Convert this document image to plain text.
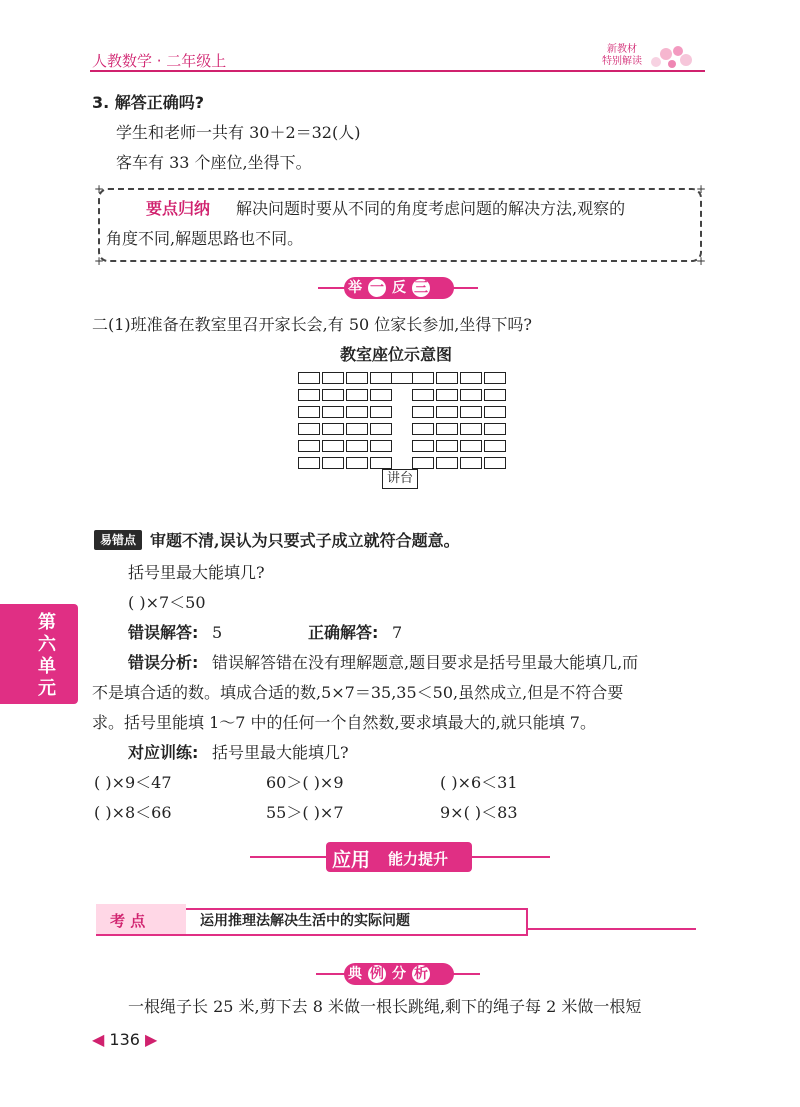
人教数学 · 二年级上
新教材
特别解读
3. 解答正确吗?
学生和老师一共有 30＋2＝32(人)
客车有 33 个座位,坐得下。
+	+
+	+
要点归纳 解决问题时要从不同的角度考虑问题的解决方法,观察的
角度不同,解题思路也不同。
举 一 反 三
二(1)班准备在教室里召开家长会,有 50 位家长参加,坐得下吗?
教室座位示意图
讲台
易错点 审题不清,误认为只要式子成立就符合题意。
括号里最大能填几?
( )×7＜50
错误解答: 5	正确解答: 7
错误分析: 错误解答错在没有理解题意,题目要求是括号里最大能填几,而
不是填合适的数。填成合适的数,5×7＝35,35＜50,虽然成立,但是不符合要
求。括号里能填 1～7 中的任何一个自然数,要求填最大的,就只能填 7。
对应训练: 括号里最大能填几?
( )×9＜47	60＞( )×9	( )×6＜31
( )×8＜66	55＞( )×7	9×( )＜83
应用 能力提升
考 点	运用推理法解决生活中的实际问题
典 例 分 析
一根绳子长 25 米,剪下去 8 米做一根长跳绳,剩下的绳子每 2 米做一根短
第六单元
◀ 136 ▶
